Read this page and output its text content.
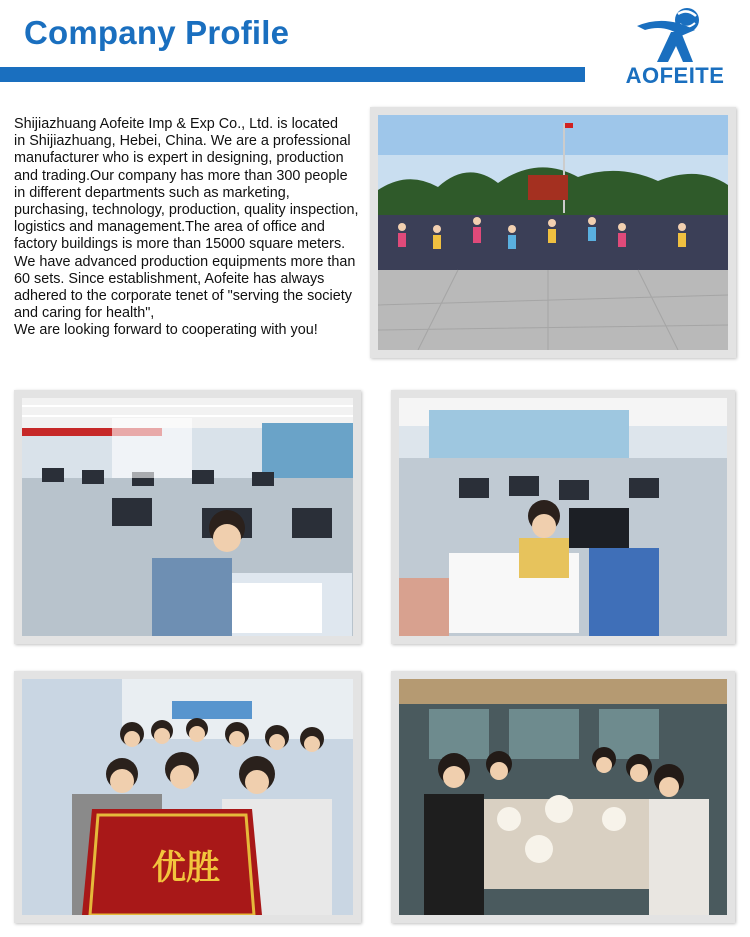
Company Profile
AOFEITE
Shijiazhuang Aofeite Imp & Exp Co., Ltd. is located
in Shijiazhuang, Hebei, China. We are a professional
manufacturer who is expert in designing, production
and trading.Our company has more than 300 people
in different departments such as marketing,
purchasing, technology, production, quality inspection,
logistics and management.The area of office and
factory buildings is more than 15000 square meters.
We have advanced production equipments more than
60 sets. Since establishment, Aofeite has always
adhered to the corporate tenet of "serving the society
and caring for health",
We are looking forward to cooperating with you!
优胜
